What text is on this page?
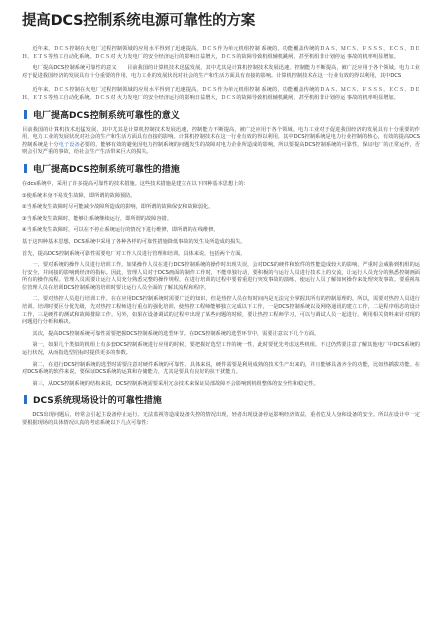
提高DCS控制系统电源可靠性的方案
近年来，ＤＣＳ控制在火电厂过程控制领域的应用水平得到了迅速提高，ＤＣＳ作为单元机组控制 系统的，功能覆盖传统的ＤＡＳ、ＭＣＳ、ＦＳＳＳ、ＥＣＳ、ＤＥＨ、ＥＴＳ等热工自动化系统。ＤＣＳ对 火力发电厂的安全经济运行的影响日益增大，ＤＣＳ的故障导致机组辅机跳闸、甚至机组非计划停运 事故的机率明显增加。
电厂提高DCS控制系统可靠性的意义　　目前我国的计算机技术迅猛发展，其中尤其是计算机控制技术发展迅速，控制能力不断提高，被广泛应用于各个领域。电力工业对于促进我国经济的发展具有十分重要的作用，电力工业的发展状况对社会的生产和生活方面具有直接的影响。计算机控制技术在这一行业有效的得以利用，其中DCS
近年来，ＤＣＳ控制在火电厂过程控制领域的应用水平得到了迅速提高，ＤＣＳ作为单元机组控制 系统的，功能覆盖传统的ＤＡＳ、ＭＣＳ、ＦＳＳＳ、ＥＣＳ、ＤＥＨ、ＥＴＳ等热工自动化系统。ＤＣＳ对 火力发电厂的安全经济运行的影响日益增大，ＤＣＳ的故障导致机组辅机跳闸、甚至机组非计划停运 事故的机率明显增加。
电厂提高DCS控制系统可靠性的意义
目前我国的计算机技术迅猛发展，其中尤其是计算机控制技术发展迅速，控制能力不断提高，被广泛应用于各个领域。电力工业对于促进我国经济的发展具有十分重要的作用，电力工业的发展状况对社会的生产和生活方面具有直接的影响。计算机控制技术在这一行业有效的得以利用，其中DCS控制系统是电力行业控制的核心，有效的提高DCS控制系统是十分电子设备必要的，能够有效的避免因电力控制系统的问题发生的故障对电力企业所造成的影响。所以要提高DCS控制系统的可靠性，保证电厂的正常运作，否则会引发严重的事故，给社会生产生活带来巨大的损失。
电厂提高DCS控制系统可靠性的措施
在dcs系统中，采用了许多提高可靠性的技术措施。这些技术措施是建立在以下四种基本思想上的：
①使系统本身不易发生故障，即所谓的故障预防。
②当系统发生故障时尽可能减少故障所造成的影响，即所谓的故障保安和故障弱化。
③当系统发生故障时，能够让系统继续运行，即所谓的故障容错。
④当系统发生故障时，可以在不停止系统运行的情况下进行维修，即所谓的在线维修。
基于这四种基本思想，DCS系统中采用了各种各样的可靠性措施降低事故的发生及所造成的损失。
首先，提高DCS控制系统可靠性需要电厂对工作人员进行管理和培训。具体来说，包括两个方面。
一、要对系统的操作人员进行培训工作。如果操作人员在进行DCS控制系统的操作时出现失误，会对DCS的硬件和软件的性能造成较大的影响，严重时会威胁到机组的运行安全，并间接的影响到经济的指标。因此，管理人员对于DCS画面的制作工作时，不能单独行动，要积极的与运行人员进行技术上的交流，让运行人员充分的熟悉控制画面所有的操作流程。管理人员需要让运行人员充分熟悉完整的操作规程，在进行培训的过程中要着重进行突发事故的演练，使运行人员了解如何操作来处理突发事故。要重视每位管理人员在培训DCS控制系统的培训时要让运行人员全面的了解其流程和程序。
二、要对热控人员进行培训工作。在在应用DCS控制系统时需要广泛的知识，但是热控人员在短时间内是无法完全掌握其所有的控制原理的。所以，需要对热控人员进行培训。培训时要区分优先级，先对热控工程师进行重点的强化培训，使热控工程师能够独立完成以下工作，一是DCS控制系统以及网络通讯的建立工作，二是程序组态的设计工作，三是硬件的测试和故障排除工作。另外，如果在设备调试的过程中出现了某些问题的时候，要让热控工程师学习，可以与调试人员一起进行，利用相关资料来针对现的问题进行分析和解决。
其次，提高DCS控制系统可靠性需要把握DCS控制系统的选型环节。在DCS控制系统的选型环节中，需要注意以下几个方面。
第一，如果几个类似的机组上有多套DCS控制系统进行应用的时候，要把握好选型工作的统一性，此时要优先考虑这些机组。不过仍然要注意了解其他电厂中DCS系统的运行状况，从而指选型招标时提供更多的参数。
第二，在进行DCS控制系统的选型时需要注意对硬件系统的可靠性、具体来说，硬件需要是利用成熟的技术生产出来的，并且能够具备齐全的功能，比如热插拔功能。在对DCS系统的软件来说，要保证DCS系统的运算和存储能力，尤其是要具有良好的抗干扰能力。
第三，从DCS控制系统的结构来说，DCS控制系统需要采用冗余技术来保证局部故障不会影响到机组整体的安全性和稳定性。
DCS系统现场设计的可靠性措施
DCS出现问题后，经常会引起主设备停止运行、无法监视等造成设备失控的情况出现，轻者出现设备停运影响经济效益，重者危及人身和设备的安全。所以在设计中一定要根据现场的具体情况认真的考虑系统以下几点可靠性：
